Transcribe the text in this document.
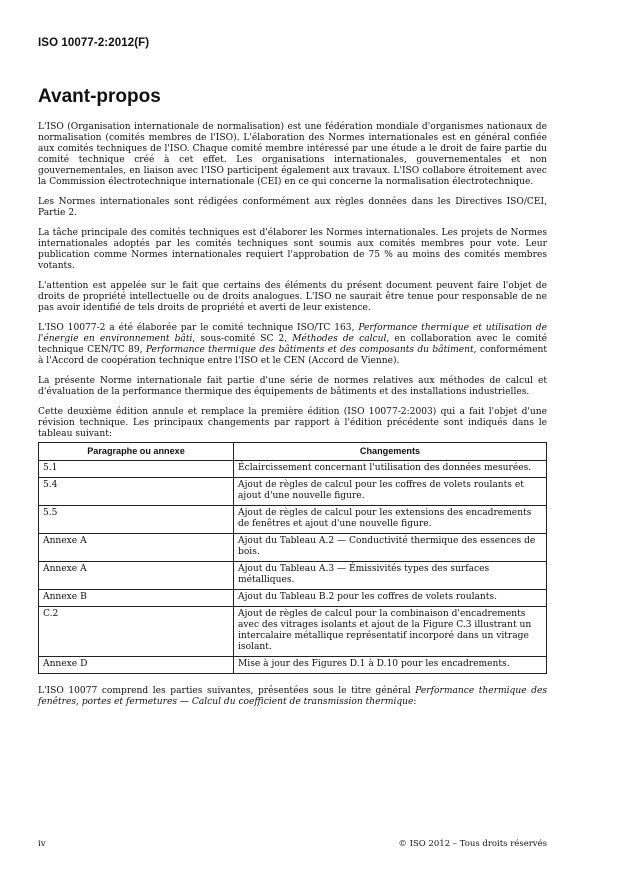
ISO 10077-2:2012(F)
Avant-propos

L'ISO (Organisation internationale de normalisation) est une fédération mondiale d'organismes nationaux de normalisation (comités membres de l'ISO). L'élaboration des Normes internationales est en général confiée aux comités techniques de l'ISO. Chaque comité membre intéressé par une étude a le droit de faire partie du comité technique créé à cet effet. Les organisations internationales, gouvernementales et non gouvernementales, en liaison avec l'ISO participent également aux travaux. L'ISO collabore étroitement avec la Commission électrotechnique internationale (CEI) en ce qui concerne la normalisation électrotechnique.

Les Normes internationales sont rédigées conformément aux règles données dans les Directives ISO/CEI, Partie 2.

La tâche principale des comités techniques est d'élaborer les Normes internationales. Les projets de Normes internationales adoptés par les comités techniques sont soumis aux comités membres pour vote. Leur publication comme Normes internationales requiert l'approbation de 75 % au moins des comités membres votants.

L'attention est appelée sur le fait que certains des éléments du présent document peuvent faire l'objet de droits de propriété intellectuelle ou de droits analogues. L'ISO ne saurait être tenue pour responsable de ne pas avoir identifié de tels droits de propriété et averti de leur existence.

L'ISO 10077-2 a été élaborée par le comité technique ISO/TC 163, Performance thermique et utilisation de l'énergie en environnement bâti, sous-comité SC 2, Méthodes de calcul, en collaboration avec le comité technique CEN/TC 89, Performance thermique des bâtiments et des composants du bâtiment, conformément à l'Accord de coopération technique entre l'ISO et le CEN (Accord de Vienne).

La présente Norme internationale fait partie d'une série de normes relatives aux méthodes de calcul et d'évaluation de la performance thermique des équipements de bâtiments et des installations industrielles.

Cette deuxième édition annule et remplace la première édition (ISO 10077-2:2003) qui a fait l'objet d'une révision technique. Les principaux changements par rapport à l'édition précédente sont indiqués dans le tableau suivant:

Paragraphe ou annexe	Changements
5.1	Éclaircissement concernant l'utilisation des données mesurées.
5.4	Ajout de règles de calcul pour les coffres de volets roulants et ajout d'une nouvelle figure.
5.5	Ajout de règles de calcul pour les extensions des encadrements de fenêtres et ajout d'une nouvelle figure.
Annexe A	Ajout du Tableau A.2 — Conductivité thermique des essences de bois.
Annexe A	Ajout du Tableau A.3 — Émissivités types des surfaces métalliques.
Annexe B	Ajout du Tableau B.2 pour les coffres de volets roulants.
C.2	Ajout de règles de calcul pour la combinaison d'encadrements avec des vitrages isolants et ajout de la Figure C.3 illustrant un intercalaire métallique représentatif incorporé dans un vitrage isolant.
Annexe D	Mise à jour des Figures D.1 à D.10 pour les encadrements.

L'ISO 10077 comprend les parties suivantes, présentées sous le titre général Performance thermique des fenêtres, portes et fermetures — Calcul du coefficient de transmission thermique:

iv	© ISO 2012 – Tous droits réservés
